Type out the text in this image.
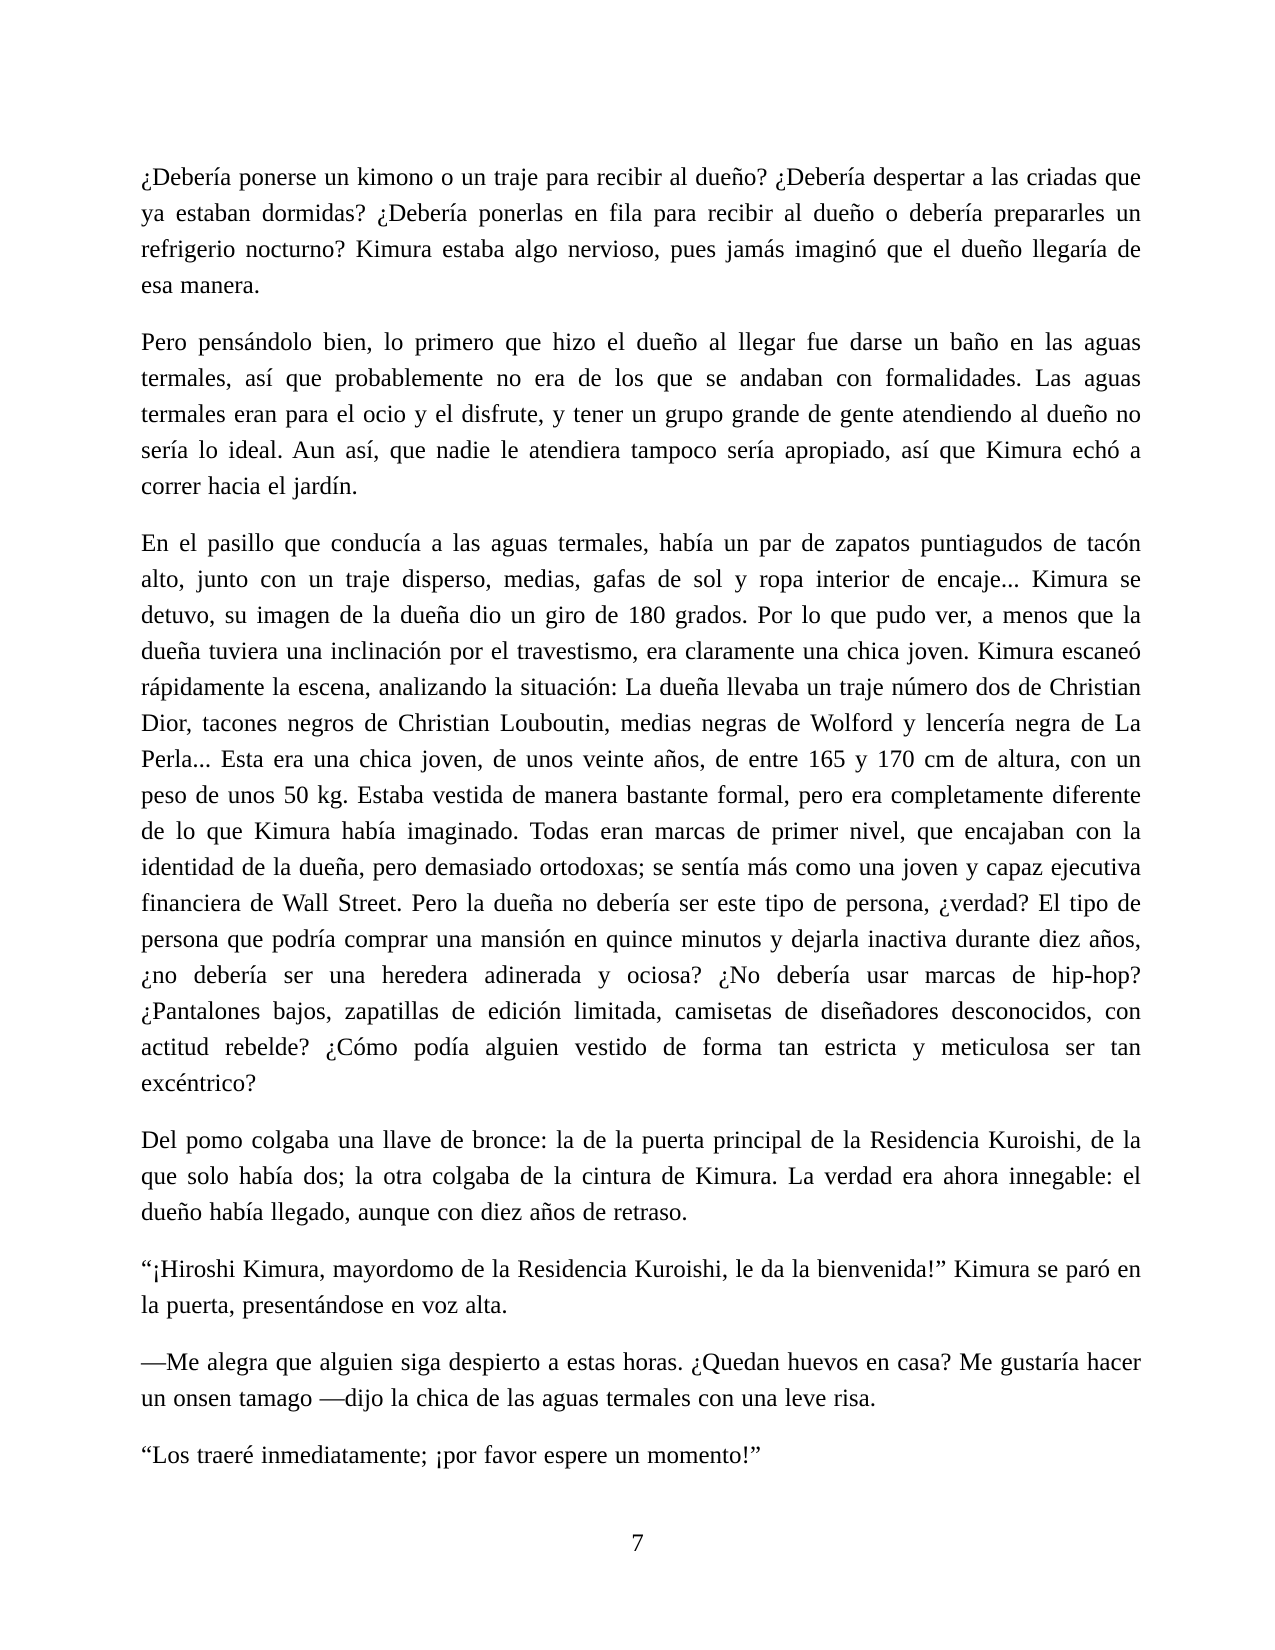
¿Debería ponerse un kimono o un traje para recibir al dueño? ¿Debería despertar a las criadas que ya estaban dormidas? ¿Debería ponerlas en fila para recibir al dueño o debería prepararles un refrigerio nocturno? Kimura estaba algo nervioso, pues jamás imaginó que el dueño llegaría de esa manera.

Pero pensándolo bien, lo primero que hizo el dueño al llegar fue darse un baño en las aguas termales, así que probablemente no era de los que se andaban con formalidades. Las aguas termales eran para el ocio y el disfrute, y tener un grupo grande de gente atendiendo al dueño no sería lo ideal. Aun así, que nadie le atendiera tampoco sería apropiado, así que Kimura echó a correr hacia el jardín.

En el pasillo que conducía a las aguas termales, había un par de zapatos puntiagudos de tacón alto, junto con un traje disperso, medias, gafas de sol y ropa interior de encaje... Kimura se detuvo, su imagen de la dueña dio un giro de 180 grados. Por lo que pudo ver, a menos que la dueña tuviera una inclinación por el travestismo, era claramente una chica joven. Kimura escaneó rápidamente la escena, analizando la situación: La dueña llevaba un traje número dos de Christian Dior, tacones negros de Christian Louboutin, medias negras de Wolford y lencería negra de La Perla... Esta era una chica joven, de unos veinte años, de entre 165 y 170 cm de altura, con un peso de unos 50 kg. Estaba vestida de manera bastante formal, pero era completamente diferente de lo que Kimura había imaginado. Todas eran marcas de primer nivel, que encajaban con la identidad de la dueña, pero demasiado ortodoxas; se sentía más como una joven y capaz ejecutiva financiera de Wall Street. Pero la dueña no debería ser este tipo de persona, ¿verdad? El tipo de persona que podría comprar una mansión en quince minutos y dejarla inactiva durante diez años, ¿no debería ser una heredera adinerada y ociosa? ¿No debería usar marcas de hip-hop? ¿Pantalones bajos, zapatillas de edición limitada, camisetas de diseñadores desconocidos, con actitud rebelde? ¿Cómo podía alguien vestido de forma tan estricta y meticulosa ser tan excéntrico?

Del pomo colgaba una llave de bronce: la de la puerta principal de la Residencia Kuroishi, de la que solo había dos; la otra colgaba de la cintura de Kimura. La verdad era ahora innegable: el dueño había llegado, aunque con diez años de retraso.

“¡Hiroshi Kimura, mayordomo de la Residencia Kuroishi, le da la bienvenida!” Kimura se paró en la puerta, presentándose en voz alta.

—Me alegra que alguien siga despierto a estas horas. ¿Quedan huevos en casa? Me gustaría hacer un onsen tamago —dijo la chica de las aguas termales con una leve risa.

“Los traeré inmediatamente; ¡por favor espere un momento!”

7
